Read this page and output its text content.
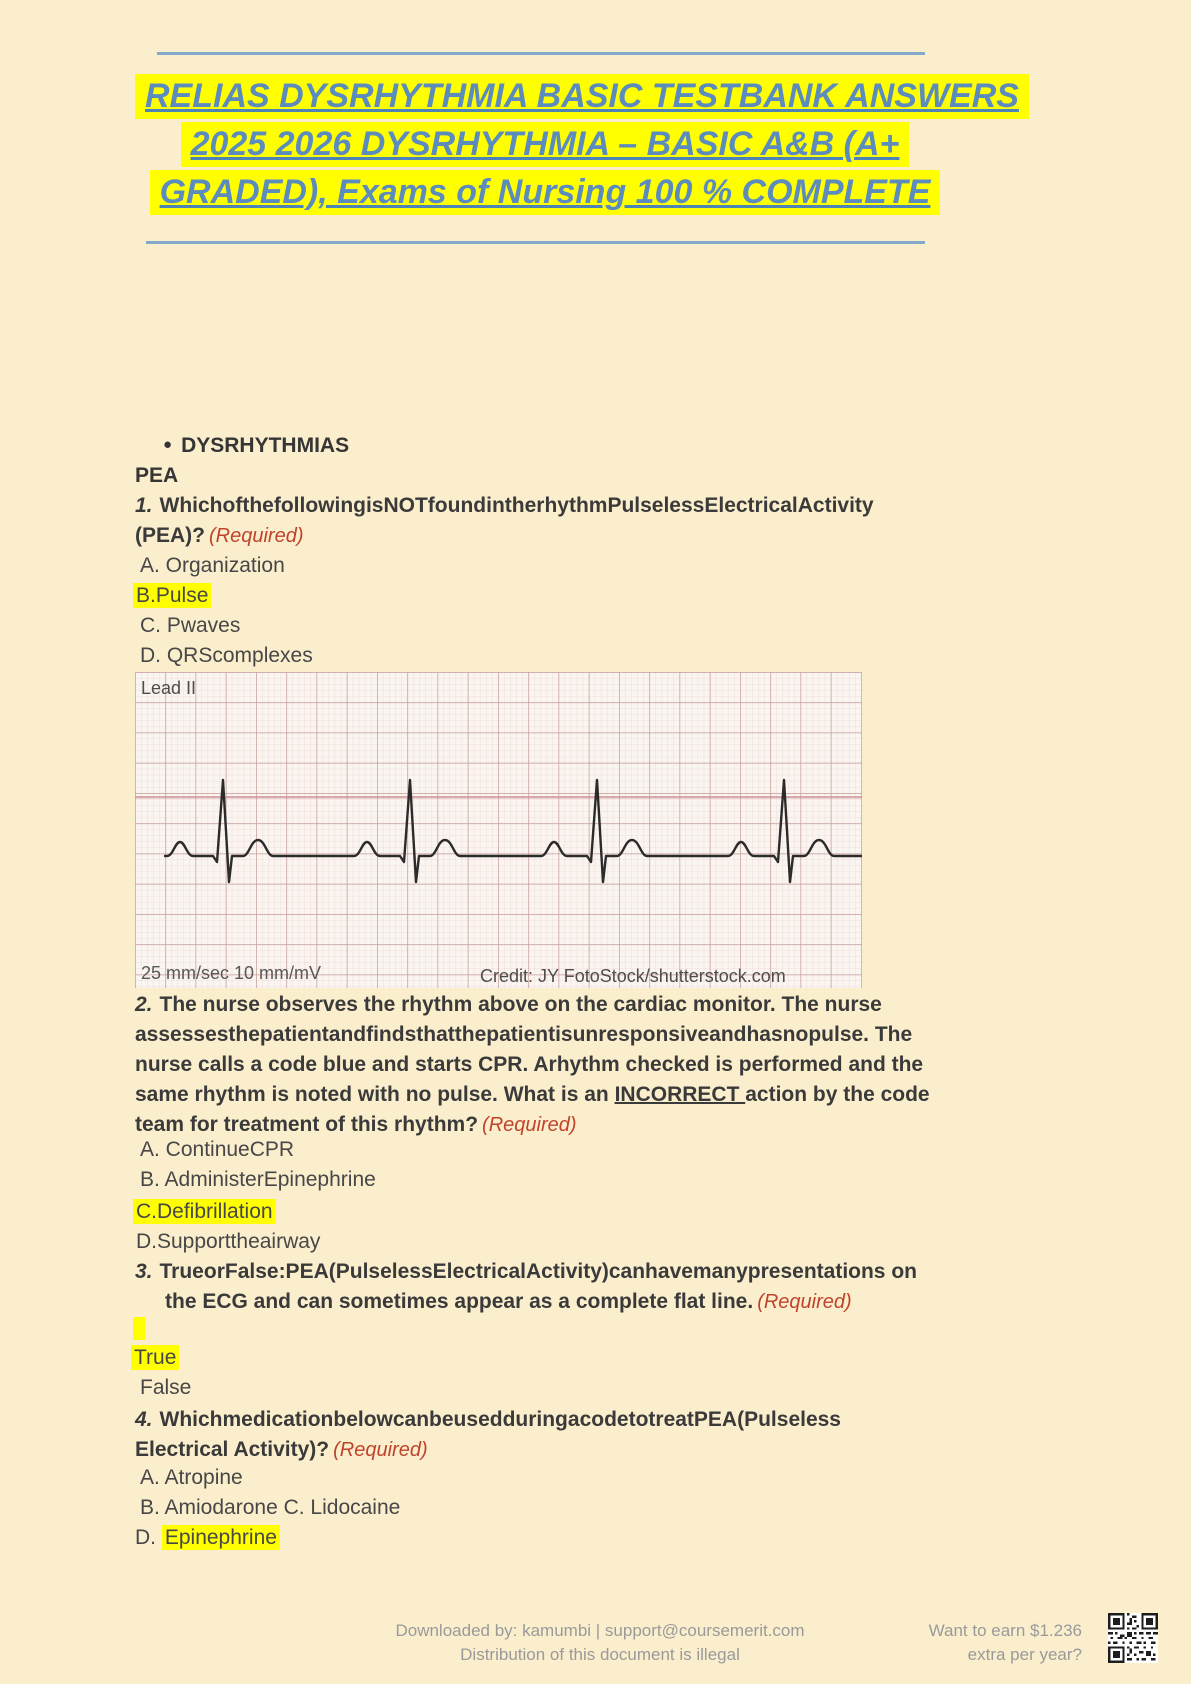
RELIAS DYSRHYTHMIA BASIC TESTBANK ANSWERS
2025 2026 DYSRHYTHMIA – BASIC A&B (A+
GRADED), Exams of Nursing 100 % COMPLETE
● DYSRHYTHMIAS
PEA
1. WhichofthefollowingisNOTfoundintherhythmPulselessElectricalActivity
(PEA)? (Required)
A. Organization
B.Pulse
C. Pwaves
D. QRScomplexes
Lead II
25 mm/sec 10 mm/mV	Credit: JY FotoStock/shutterstock.com
2. The nurse observes the rhythm above on the cardiac monitor. The nurse
assessesthepatientandfindsthatthepatientisunresponsiveandhasnopulse. The
nurse calls a code blue and starts CPR. Arhythm checked is performed and the
same rhythm is noted with no pulse. What is an INCORRECT action by the code
team for treatment of this rhythm? (Required)
A. ContinueCPR
B. AdministerEpinephrine
C.Defibrillation
D.Supporttheairway
3. TrueorFalse:PEA(PulselessElectricalActivity)canhavemanypresentations on
the ECG and can sometimes appear as a complete flat line. (Required)
True
False
4. WhichmedicationbelowcanbeusedduringacodetotreatPEA(Pulseless
Electrical Activity)? (Required)
A. Atropine
B. Amiodarone C. Lidocaine
D. Epinephrine
Downloaded by: kamumbi | support@coursemerit.com
Distribution of this document is illegal
Want to earn $1.236
extra per year?
